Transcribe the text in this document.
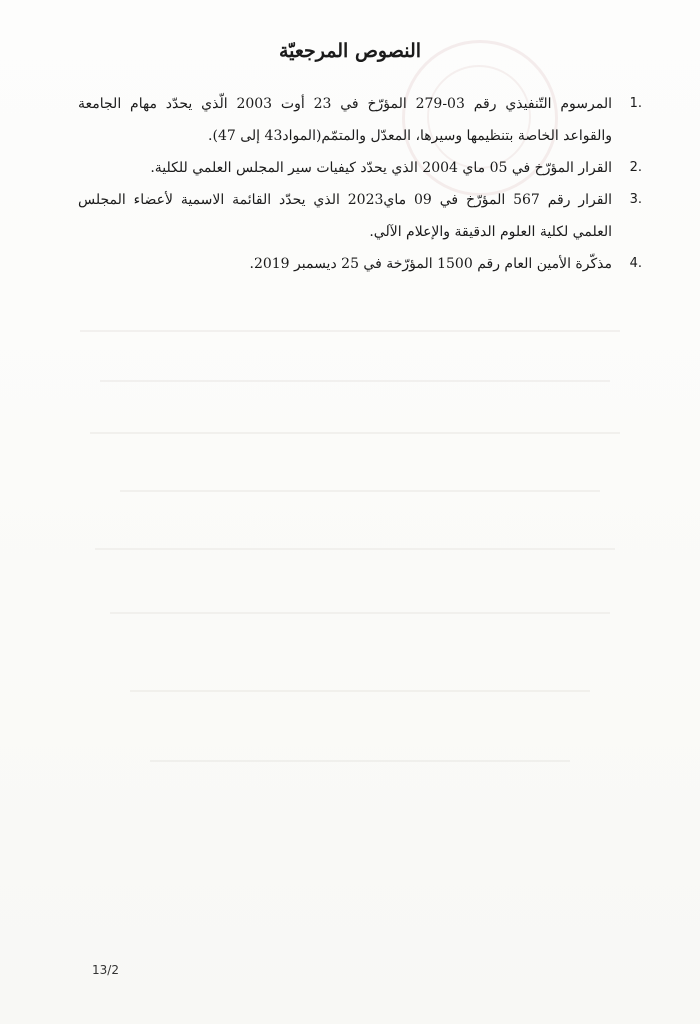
النصوص المرجعيّة
1.
المرسوم التّنفيذي رقم 03-279 المؤرّخ في 23 أوت 2003 الّذي يحدّد مهام الجامعة والقواعد الخاصة بتنظيمها وسيرها، المعدّل والمتمّم(المواد43 إلى 47).
2.
القرار المؤرّخ في 05 ماي 2004 الذي يحدّد كيفيات سير المجلس العلمي للكلية.
3.
القرار رقم 567 المؤرّخ في 09 ماي2023 الذي يحدّد القائمة الاسمية لأعضاء المجلس العلمي لكلية العلوم الدقيقة والإعلام الآلي.
4.
مذكّرة الأمين العام رقم 1500 المؤرّخة في 25 ديسمبر 2019.
13/2
